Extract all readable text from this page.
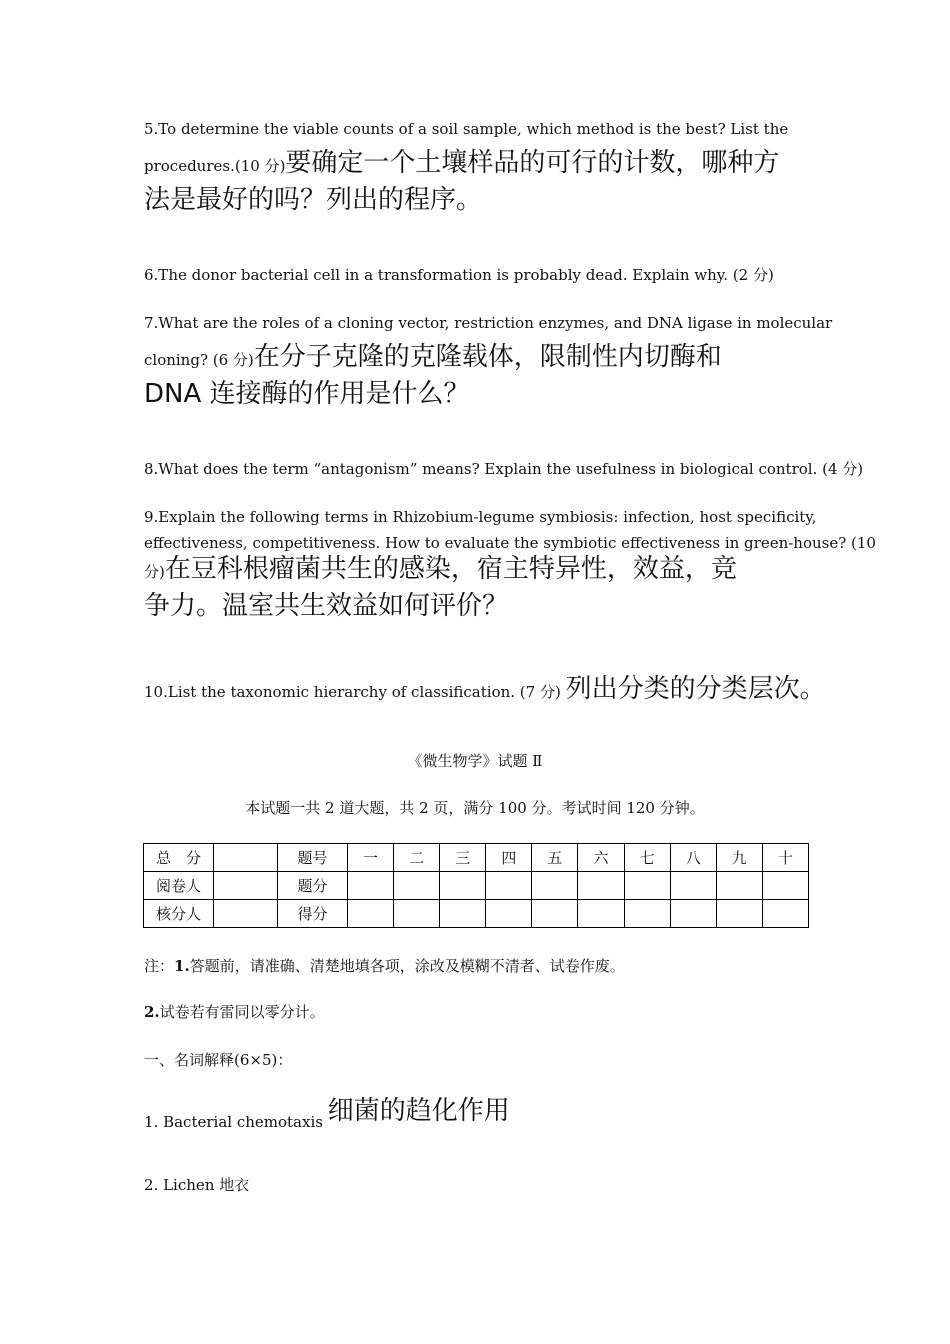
5.To determine the viable counts of a soil sample, which method is the best? List the
procedures.(10 分)要确定一个土壤样品的可行的计数，哪种方
法是最好的吗？列出的程序。
6.The donor bacterial cell in a transformation is probably dead. Explain why. (2 分)
7.What are the roles of a cloning vector, restriction enzymes, and DNA ligase in molecular
cloning? (6 分)在分子克隆的克隆载体，限制性内切酶和
DNA 连接酶的作用是什么？
8.What does the term “antagonism” means? Explain the usefulness in biological control. (4 分)
9.Explain the following terms in Rhizobium-legume symbiosis: infection, host specificity,
effectiveness, competitiveness. How to evaluate the symbiotic effectiveness in green-house? (10
分)在豆科根瘤菌共生的感染，宿主特异性，效益，竞
争力。温室共生效益如何评价？
10.List the taxonomic hierarchy of classification. (7 分) 列出分类的分类层次。
《微生物学》试题 Ⅱ
本试题一共 2 道大题，共 2 页，满分 100 分。考试时间 120 分钟。
总　分		题号	一	二	三	四	五	六	七	八	九	十
阅卷人		题分										
核分人		得分										
注：1.答题前，请准确、清楚地填各项，涂改及模糊不清者、试卷作废。
2.试卷若有雷同以零分计。
一、名词解释(6×5)：
1. Bacterial chemotaxis 细菌的趋化作用
2. Lichen 地衣
